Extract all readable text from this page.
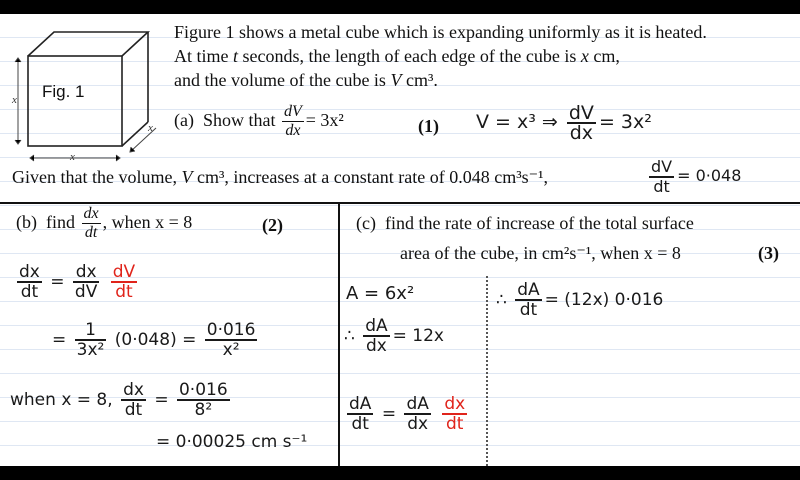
Fig. 1
x
x
x
Figure 1 shows a metal cube which is expanding uniformly as it is heated.
At time t seconds, the length of each edge of the cube is x cm,
and the volume of the cube is V cm³.
(a) Show that $\frac{dV}{dx} = 3x^2$	(1) V = x³ ⇒ $\frac{dV}{dx} = 3x^2$
Given that the volume, V cm³, increases at a constant rate of 0.048 cm³s⁻¹,	$\frac{dV}{dt} = 0\cdot 048$
(b) find $\frac{dx}{dt}$ , when x = 8	(2)
$\frac{dx}{dt} = \frac{dx}{dV}$
$\frac{dV}{dt}$
= $\frac{1}{\text{3x²}} (0\cdot 048) = \frac{0\cdot 016}{\text{x²}}$
when x = 8, $\frac{dx}{dt} = \frac{0\cdot 016}{\text{8²}}$
= 0·00025 cm s⁻¹
(c) find the rate of increase of the total surface
area of the cube, in cm²s⁻¹, when x = 8	(3)
A = 6x²
∴ $\frac{dA}{dx} = 12x$
$\frac{dA}{dt} = \frac{dA}{dx}$
$\frac{dx}{dt}$
∴ $\frac{dA}{dt} = (12x)$ 0·016
